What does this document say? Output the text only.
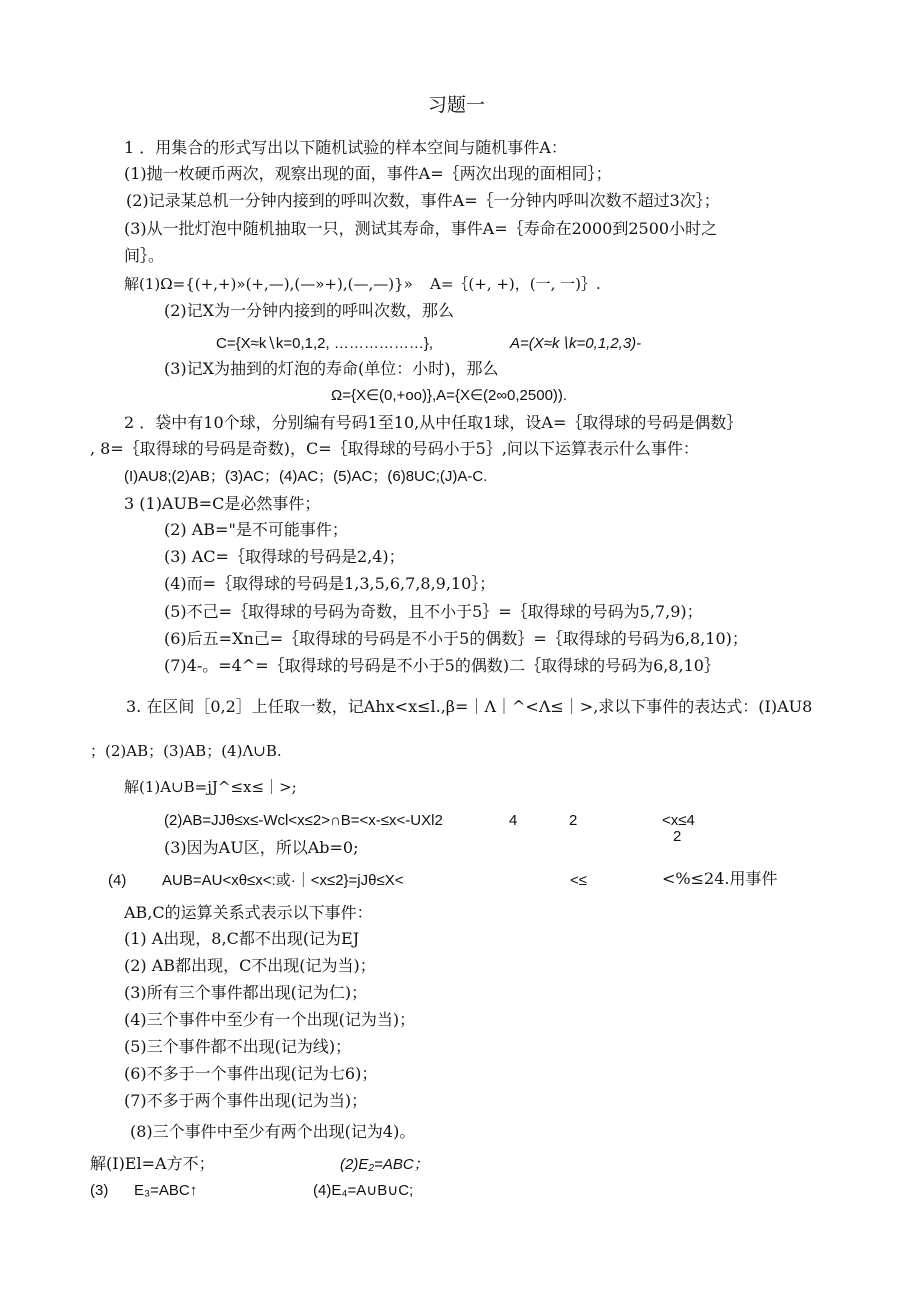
习题一
1 ．用集合的形式写出以下随机试验的样本空间与随机事件A：
(1)抛一枚硬币两次，观察出现的面，事件A=｛两次出现的面相同｝；
(2)记录某总机一分钟内接到的呼叫次数，事件A=｛一分钟内呼叫次数不超过3次｝；
(3)从一批灯泡中随机抽取一只，测试其寿命，事件A=｛寿命在2000到2500小时之
间｝。
解(1)Ω={(+,+)»(+,—),(—»+),(—,—)}» A=｛(+, +)，(一, 一)｝.
(2)记X为一分钟内接到的呼叫次数，那么
C={X≈k∖k=0,1,2, ………………},	A=(X≈k∖k=0,1,2,3)-
(3)记X为抽到的灯泡的寿命(单位：小时)，那么
Ω={X∈(0,+oo)},A={X∈(2∞0,2500)).
2 ．袋中有10个球，分别编有号码1至10,从中任取1球，设A=｛取得球的号码是偶数｝
, 8=｛取得球的号码是奇数)，C=｛取得球的号码小于5｝,问以下运算表示什么事件：
(I)AU8;(2)AB；(3)AC；(4)AC；(5)AC；(6)8UC;(J)A-C.
3 (1)AUB=C是必然事件；
(2) AB="是不可能事件；
(3) AC=｛取得球的号码是2,4)；
(4)而=｛取得球的号码是1,3,5,6,7,8,9,10｝；
(5)不己=｛取得球的号码为奇数，且不小于5｝=｛取得球的号码为5,7,9)；
(6)后五=Xn己=｛取得球的号码是不小于5的偶数｝=｛取得球的号码为6,8,10)；
(7)4-。=4^=｛取得球的号码是不小于5的偶数)二｛取得球的号码为6,8,10｝
3. 在区间［0,2］上任取一数，记Ahx<x≤l.,β=｜Λ｜^<Λ≤｜>,求以下事件的表达式：(I)AU8
；(2)AB；(3)AB；(4)Λ∪B.
解(1)A∪B=jJ^≤x≤｜>;
(2)AB=JJθ≤x≤-Wcl<x≤2>∩B=<x-≤x<-UXl2	4	2	<x≤4
2
(3)因为AU区，所以Ab=0;
(4) AUB=AU<xθ≤x<:或·｜<x≤2}=jJθ≤X<	<≤	<%≤24.用事件
AB,C的运算关系式表示以下事件：
(1) A出现，8,C都不出现(记为EJ
(2) AB都出现，C不出现(记为当)；
(3)所有三个事件都出现(记为仁)；
(4)三个事件中至少有一个出现(记为当)；
(5)三个事件都不出现(记为线)；
(6)不多于一个事件出现(记为七6)；
(7)不多于两个事件出现(记为当)；
(8)三个事件中至少有两个出现(记为4)。
解(I)El=A方不；	(2)E₂=ABC；
(3) E₃=ABC↑	(4)E₄=A∪B∪C;
